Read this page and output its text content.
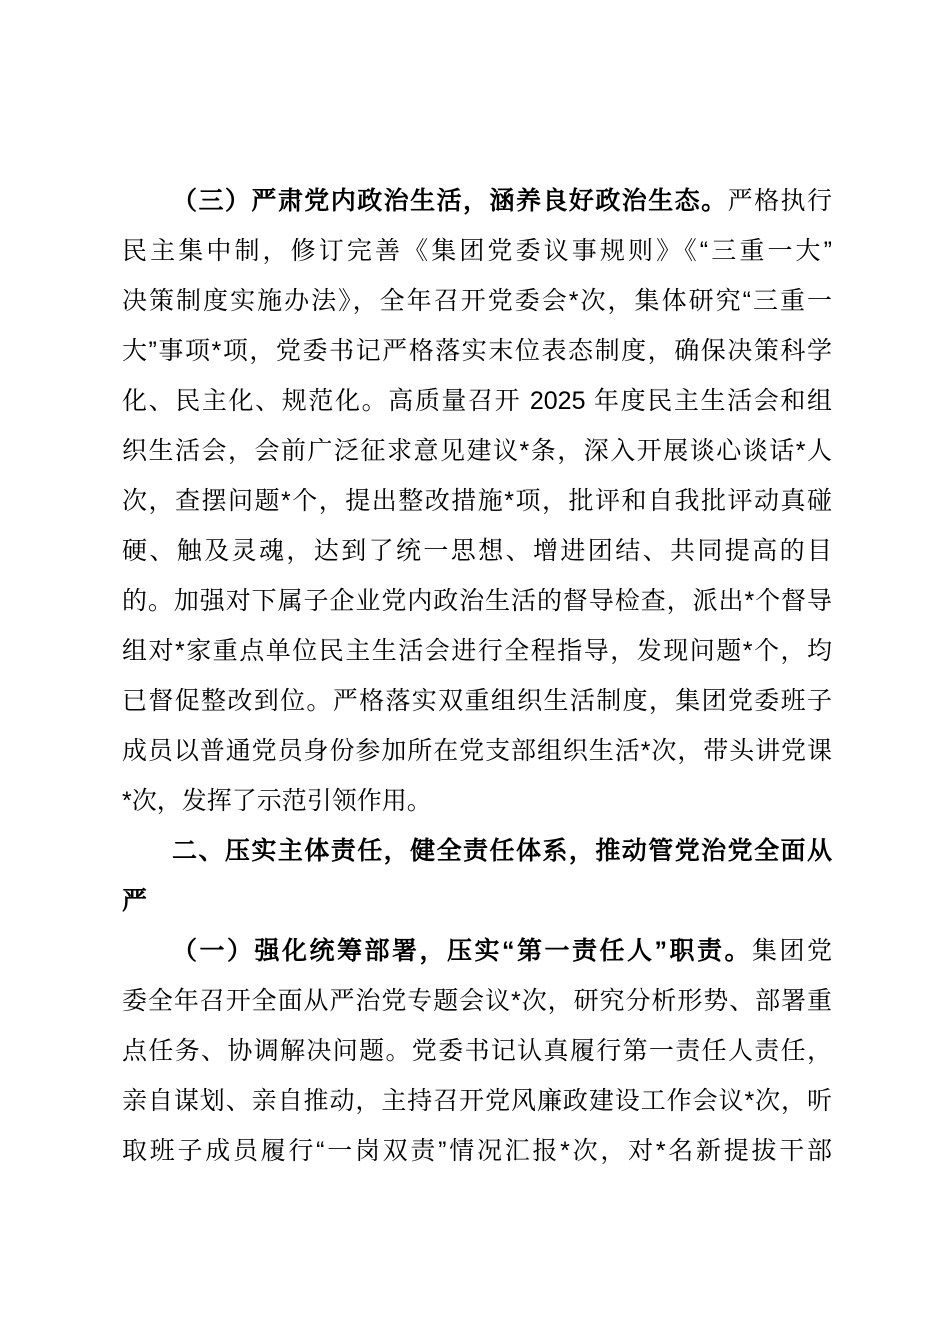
（三）严肃党内政治生活，涵养良好政治生态。严格执行
民主集中制，修订完善《集团党委议事规则》《“三重一大”
决策制度实施办法》，全年召开党委会*次，集体研究“三重一
大”事项*项，党委书记严格落实末位表态制度，确保决策科学
化、民主化、规范化。高质量召开 2025 年度民主生活会和组
织生活会，会前广泛征求意见建议*条，深入开展谈心谈话*人
次，查摆问题*个，提出整改措施*项，批评和自我批评动真碰
硬、触及灵魂，达到了统一思想、增进团结、共同提高的目
的。加强对下属子企业党内政治生活的督导检查，派出*个督导
组对*家重点单位民主生活会进行全程指导，发现问题*个，均
已督促整改到位。严格落实双重组织生活制度，集团党委班子
成员以普通党员身份参加所在党支部组织生活*次，带头讲党课
*次，发挥了示范引领作用。
二、压实主体责任，健全责任体系，推动管党治党全面从
严
（一）强化统筹部署，压实“第一责任人”职责。集团党
委全年召开全面从严治党专题会议*次，研究分析形势、部署重
点任务、协调解决问题。党委书记认真履行第一责任人责任，
亲自谋划、亲自推动，主持召开党风廉政建设工作会议*次，听
取班子成员履行“一岗双责”情况汇报*次，对*名新提拔干部
